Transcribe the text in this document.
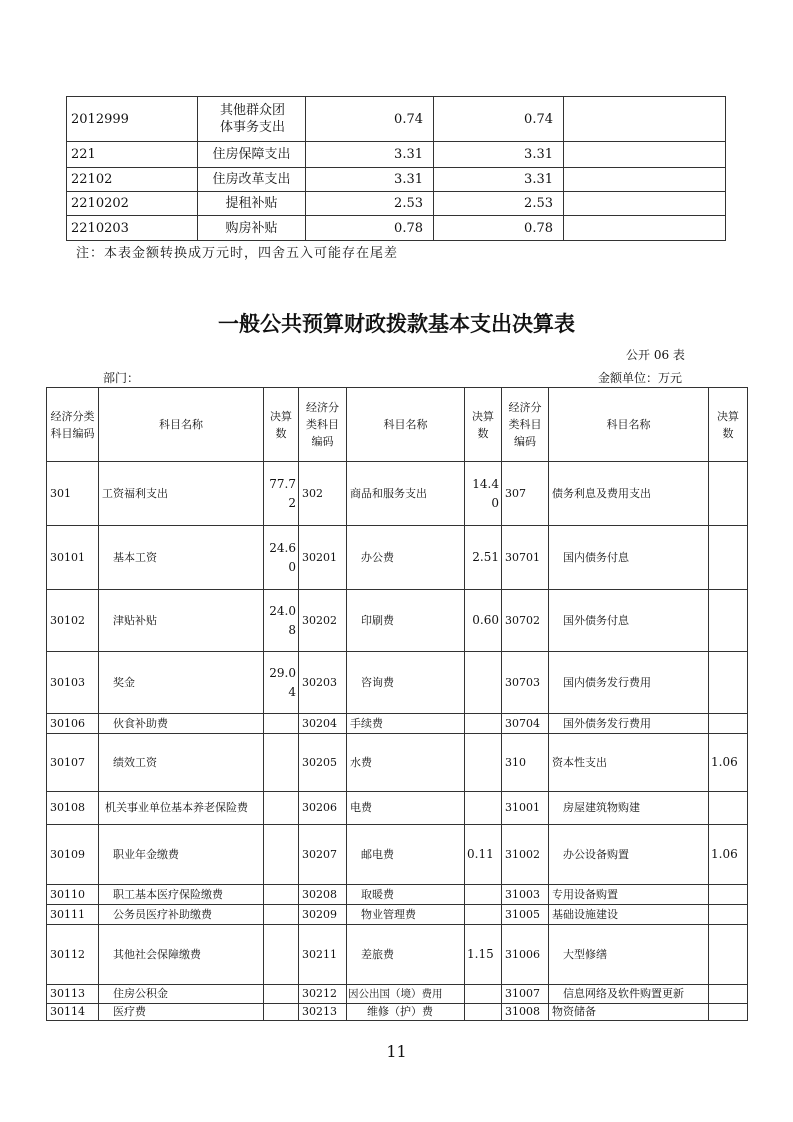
2012999	其他群众团体事务支出	0.74	0.74	
221	住房保障支出	3.31	3.31	
22102	住房改革支出	3.31	3.31	
2210202	提租补贴	2.53	2.53	
2210203	购房补贴	0.78	0.78	
注：本表金额转换成万元时，四舍五入可能存在尾差
一般公共预算财政拨款基本支出决算表
公开 06 表
部门：	金额单位：万元
经济分类科目编码	科目名称	决算数	经济分类科目编码	科目名称	决算数	经济分类科目编码	科目名称	决算数
301	工资福利支出	77.72	302	商品和服务支出	14.40	307	债务利息及费用支出	
30101	基本工资	24.60	30201	办公费	2.51	30701	国内债务付息	
30102	津贴补贴	24.08	30202	印刷费	0.60	30702	国外债务付息	
30103	奖金	29.04	30203	咨询费		30703	国内债务发行费用	
30106	伙食补助费		30204	手续费		30704	国外债务发行费用	
30107	绩效工资		30205	水费		310	资本性支出	1.06
30108	机关事业单位基本养老保险费		30206	电费		31001	房屋建筑物购建	
30109	职业年金缴费		30207	邮电费	0.11	31002	办公设备购置	1.06
30110	职工基本医疗保险缴费		30208	取暖费		31003	专用设备购置	
30111	公务员医疗补助缴费		30209	物业管理费		31005	基础设施建设	
30112	其他社会保障缴费		30211	差旅费	1.15	31006	大型修缮	
30113	住房公积金		30212	因公出国（境）费用		31007	信息网络及软件购置更新	
30114	医疗费		30213	维修（护）费		31008	物资储备	
11
